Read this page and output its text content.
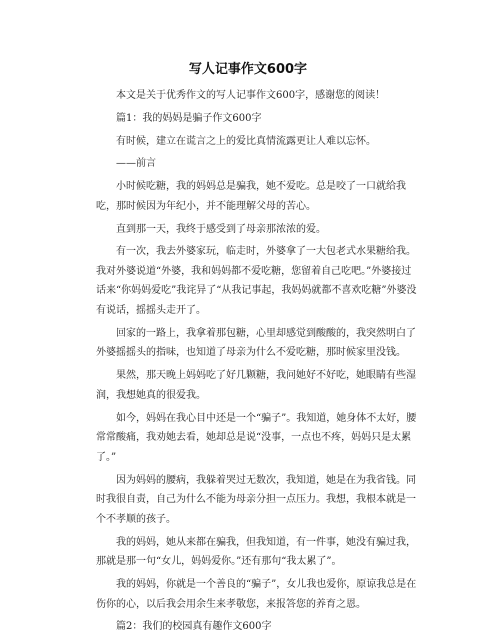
写人记事作文600字

本文是关于优秀作文的写人记事作文600字，感谢您的阅读！

篇1：我的妈妈是骗子作文600字

有时候，建立在谎言之上的爱比真情流露更让人难以忘怀。

——前言

小时候吃糖，我的妈妈总是骗我，她不爱吃。总是咬了一口就给我吃，那时候因为年纪小，并不能理解父母的苦心。

直到那一天，我终于感受到了母亲那浓浓的爱。

有一次，我去外婆家玩，临走时，外婆拿了一大包老式水果糖给我。我对外婆说道“外婆，我和妈妈都不爱吃糖，您留着自己吃吧。”外婆接过话来“你妈妈爱吃”我诧异了“从我记事起，我妈妈就都不喜欢吃糖”外婆没有说话，摇摇头走开了。

回家的一路上，我拿着那包糖，心里却感觉到酸酸的，我突然明白了外婆摇摇头的指味，也知道了母亲为什么不爱吃糖，那时候家里没钱。

果然，那天晚上妈妈吃了好几颗糖，我问她好不好吃，她眼睛有些湿润，我想她真的很爱我。

如今，妈妈在我心目中还是一个“骗子”。我知道，她身体不太好，腰常常酸痛，我劝她去看，她却总是说“没事，一点也不疼，妈妈只是太累了。”

因为妈妈的腰病，我躲着哭过无数次，我知道，她是在为我省钱。同时我很自责，自己为什么不能为母亲分担一点压力。我想，我根本就是一个不孝顺的孩子。

我的妈妈，她从来都在骗我，但我知道，有一件事，她没有骗过我，那就是那一句“女儿，妈妈爱你。”还有那句“我太累了”。

我的妈妈，你就是一个善良的“骗子”，女儿我也爱你，原谅我总是在伤你的心，以后我会用余生来孝敬您，来报答您的养育之恩。

篇2：我们的校园真有趣作文600字
